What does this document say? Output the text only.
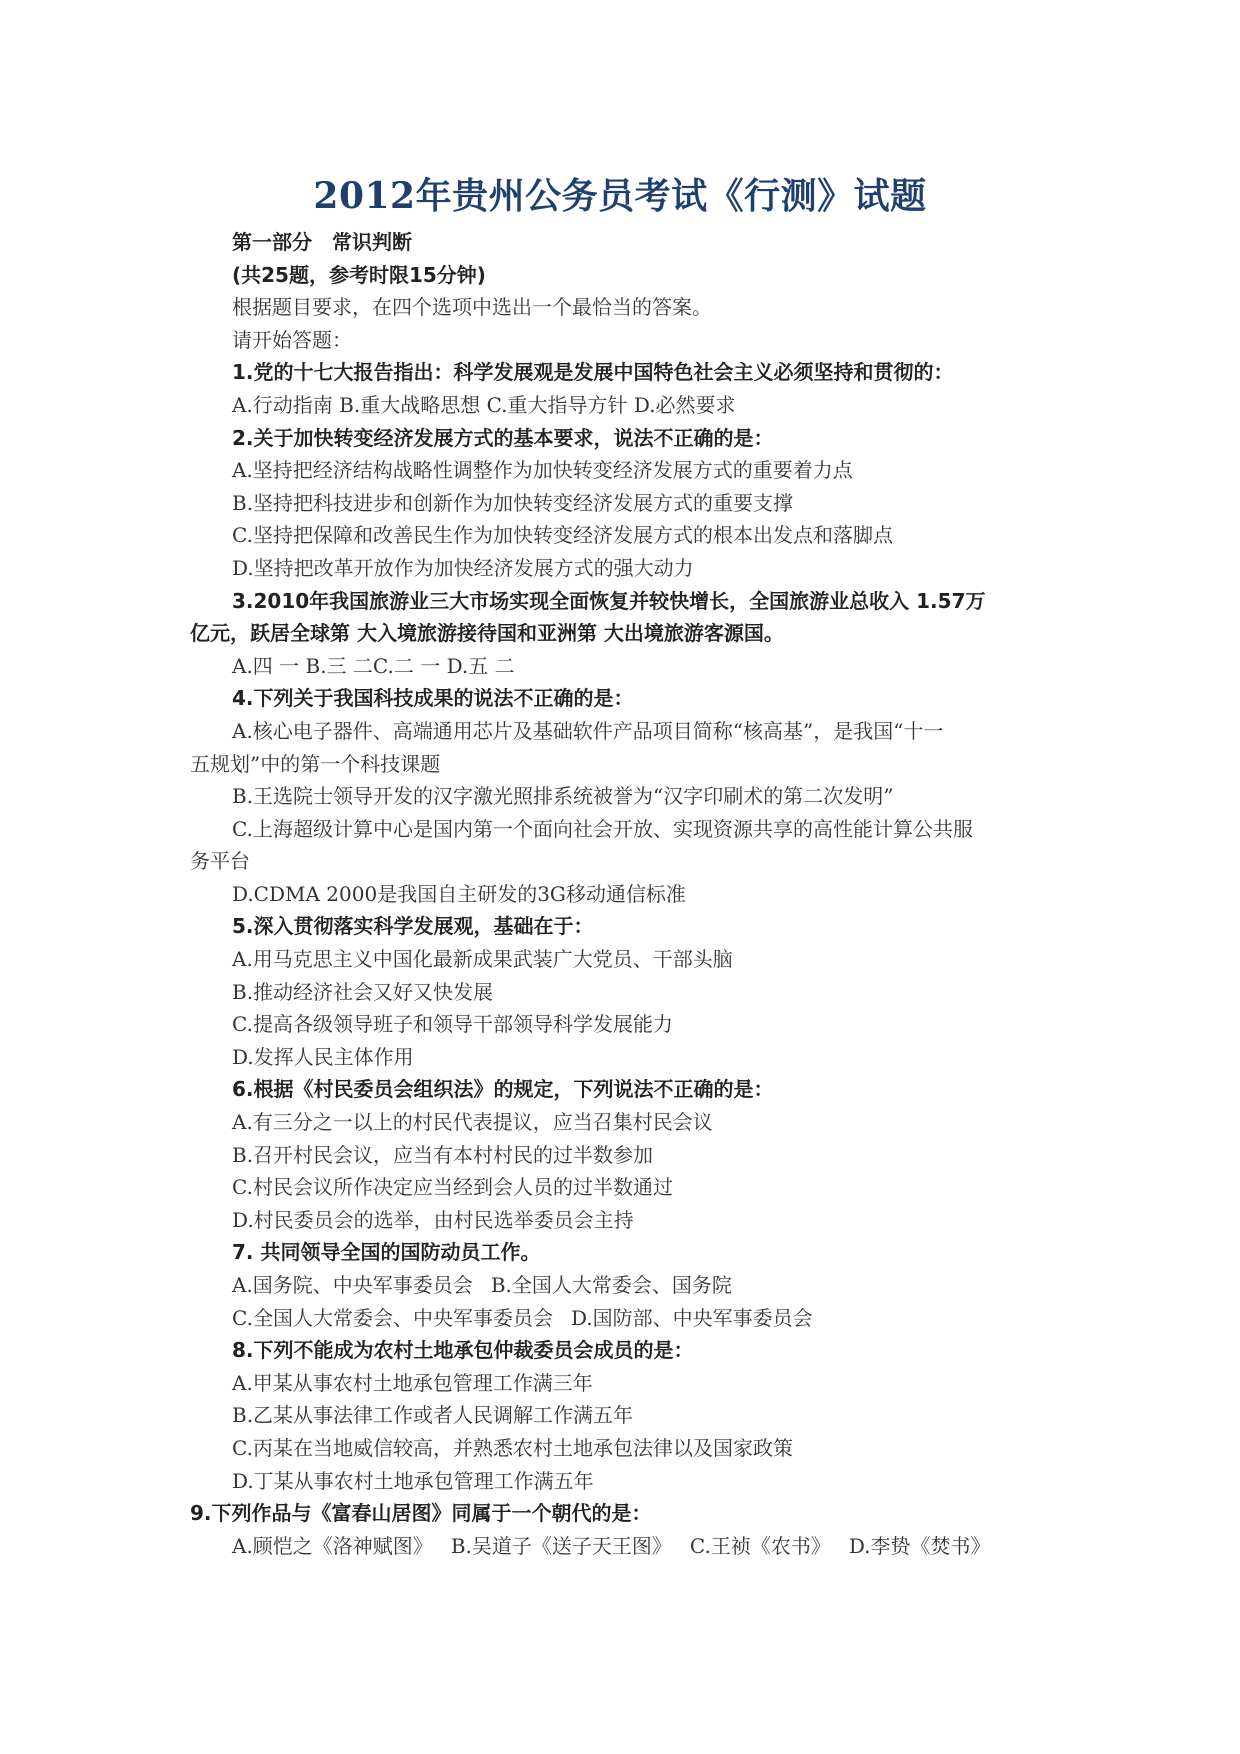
2012年贵州公务员考试《行测》试题
第一部分　常识判断
(共25题，参考时限15分钟)
根据题目要求，在四个选项中选出一个最恰当的答案。
请开始答题：
1.党的十七大报告指出：科学发展观是发展中国特色社会主义必须坚持和贯彻的：
A.行动指南 B.重大战略思想 C.重大指导方针 D.必然要求
2.关于加快转变经济发展方式的基本要求，说法不正确的是：
A.坚持把经济结构战略性调整作为加快转变经济发展方式的重要着力点
B.坚持把科技进步和创新作为加快转变经济发展方式的重要支撑
C.坚持把保障和改善民生作为加快转变经济发展方式的根本出发点和落脚点
D.坚持把改革开放作为加快经济发展方式的强大动力
3.2010年我国旅游业三大市场实现全面恢复并较快增长，全国旅游业总收入 1.57万
亿元，跃居全球第 大入境旅游接待国和亚洲第 大出境旅游客源国。
A.四 一 B.三 二C.二 一 D.五 二
4.下列关于我国科技成果的说法不正确的是：
A.核心电子器件、高端通用芯片及基础软件产品项目简称“核高基”，是我国“十一
五规划”中的第一个科技课题
B.王选院士领导开发的汉字激光照排系统被誉为“汉字印刷术的第二次发明”
C.上海超级计算中心是国内第一个面向社会开放、实现资源共享的高性能计算公共服
务平台
D.CDMA 2000是我国自主研发的3G移动通信标准
5.深入贯彻落实科学发展观，基础在于：
A.用马克思主义中国化最新成果武装广大党员、干部头脑
B.推动经济社会又好又快发展
C.提高各级领导班子和领导干部领导科学发展能力
D.发挥人民主体作用
6.根据《村民委员会组织法》的规定，下列说法不正确的是：
A.有三分之一以上的村民代表提议，应当召集村民会议
B.召开村民会议，应当有本村村民的过半数参加
C.村民会议所作决定应当经到会人员的过半数通过
D.村民委员会的选举，由村民选举委员会主持
7. 共同领导全国的国防动员工作。
A.国务院、中央军事委员会 B.全国人大常委会、国务院
C.全国人大常委会、中央军事委员会 D.国防部、中央军事委员会
8.下列不能成为农村土地承包仲裁委员会成员的是：
A.甲某从事农村土地承包管理工作满三年
B.乙某从事法律工作或者人民调解工作满五年
C.丙某在当地威信较高，并熟悉农村土地承包法律以及国家政策
D.丁某从事农村土地承包管理工作满五年
9.下列作品与《富春山居图》同属于一个朝代的是：
A.顾恺之《洛神赋图》 B.吴道子《送子天王图》 C.王祯《农书》 D.李贽《焚书》
